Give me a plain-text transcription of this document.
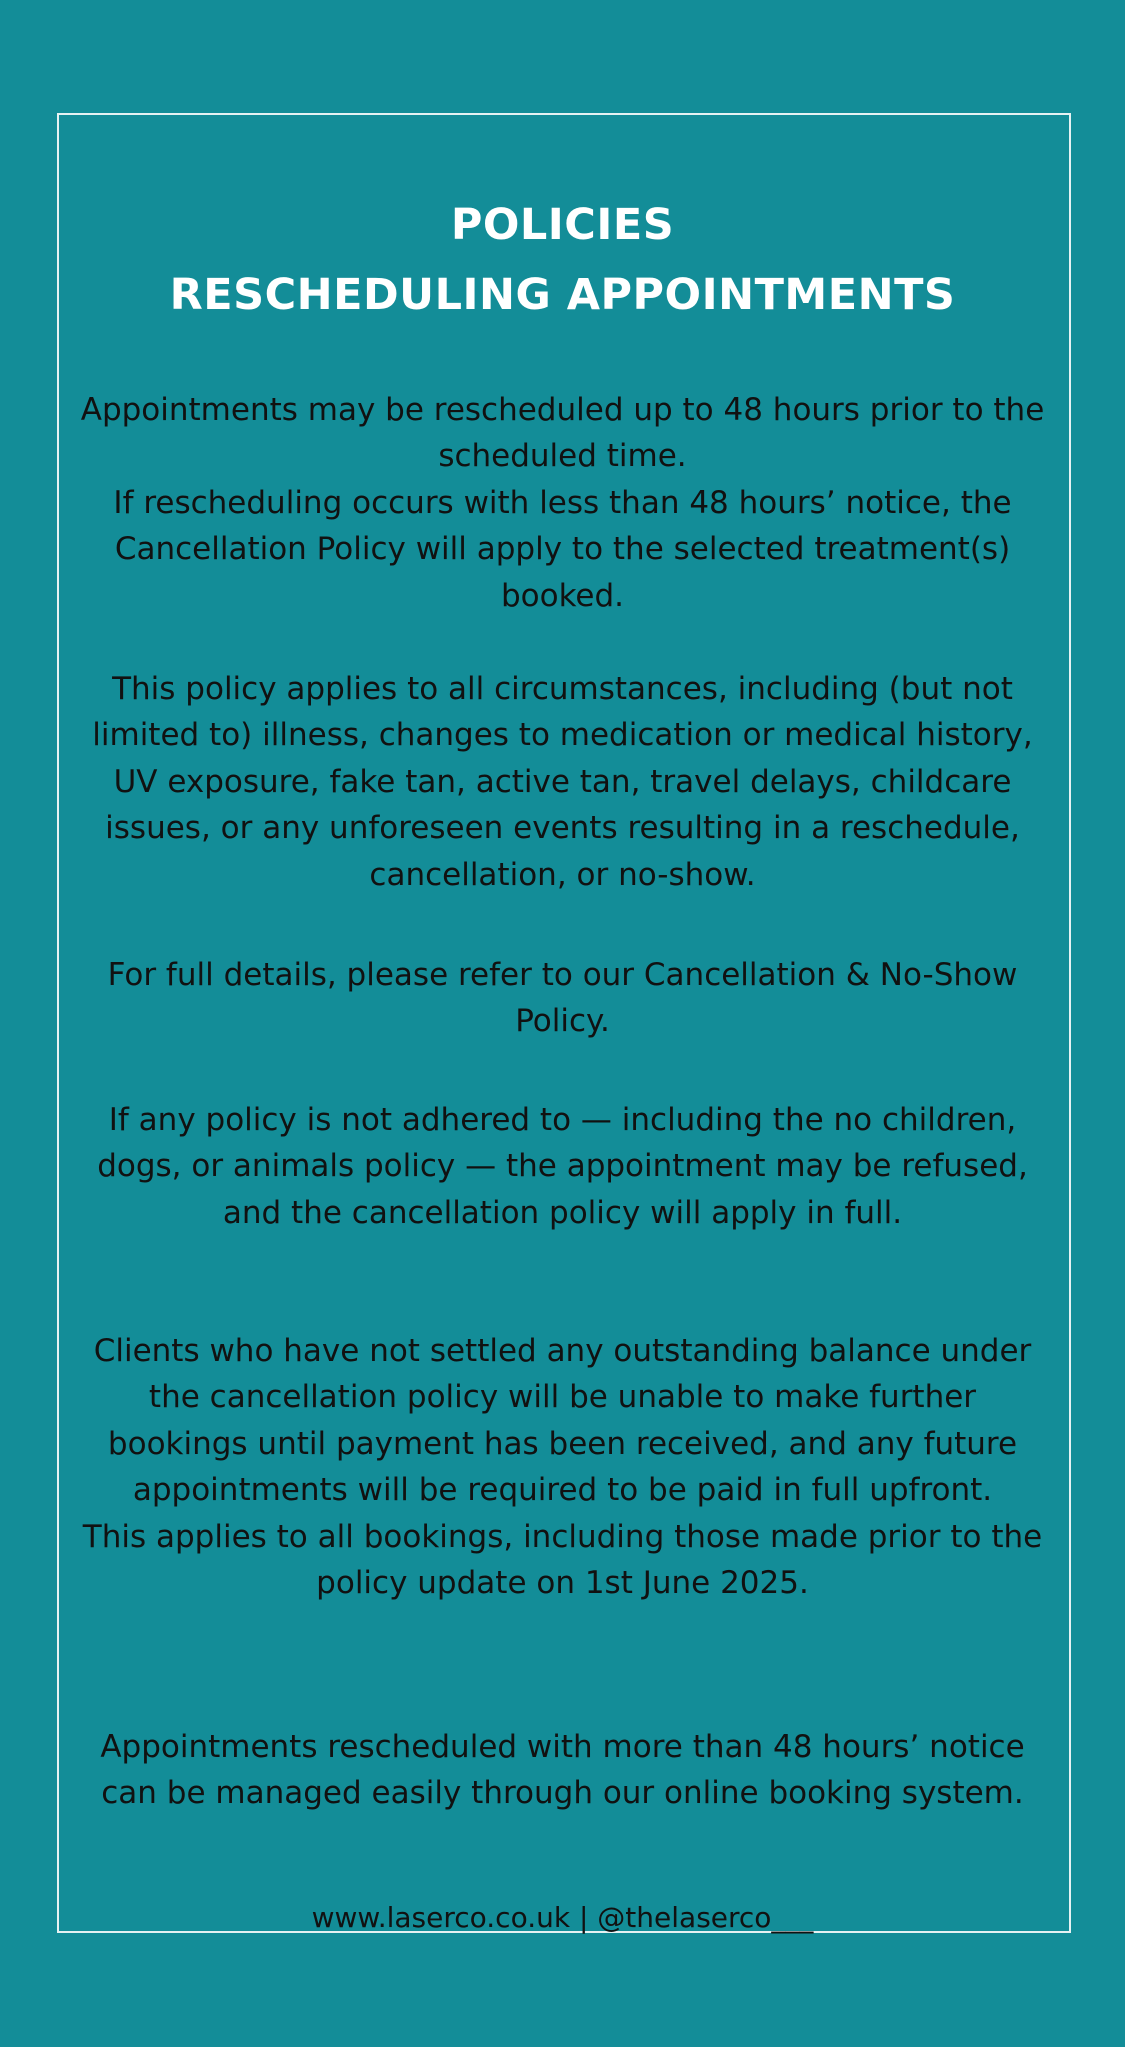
POLICIES
RESCHEDULING APPOINTMENTS

Appointments may be rescheduled up to 48 hours prior to the scheduled time.
If rescheduling occurs with less than 48 hours’ notice, the Cancellation Policy will apply to the selected treatment(s) booked.

This policy applies to all circumstances, including (but not limited to) illness, changes to medication or medical history, UV exposure, fake tan, active tan, travel delays, childcare issues, or any unforeseen events resulting in a reschedule, cancellation, or no-show.

For full details, please refer to our Cancellation & No-Show Policy.

If any policy is not adhered to — including the no children, dogs, or animals policy — the appointment may be refused, and the cancellation policy will apply in full.

Clients who have not settled any outstanding balance under the cancellation policy will be unable to make further bookings until payment has been received, and any future appointments will be required to be paid in full upfront.
This applies to all bookings, including those made prior to the policy update on 1st June 2025.

Appointments rescheduled with more than 48 hours’ notice can be managed easily through our online booking system.

www.laserco.co.uk | @thelaserco___
